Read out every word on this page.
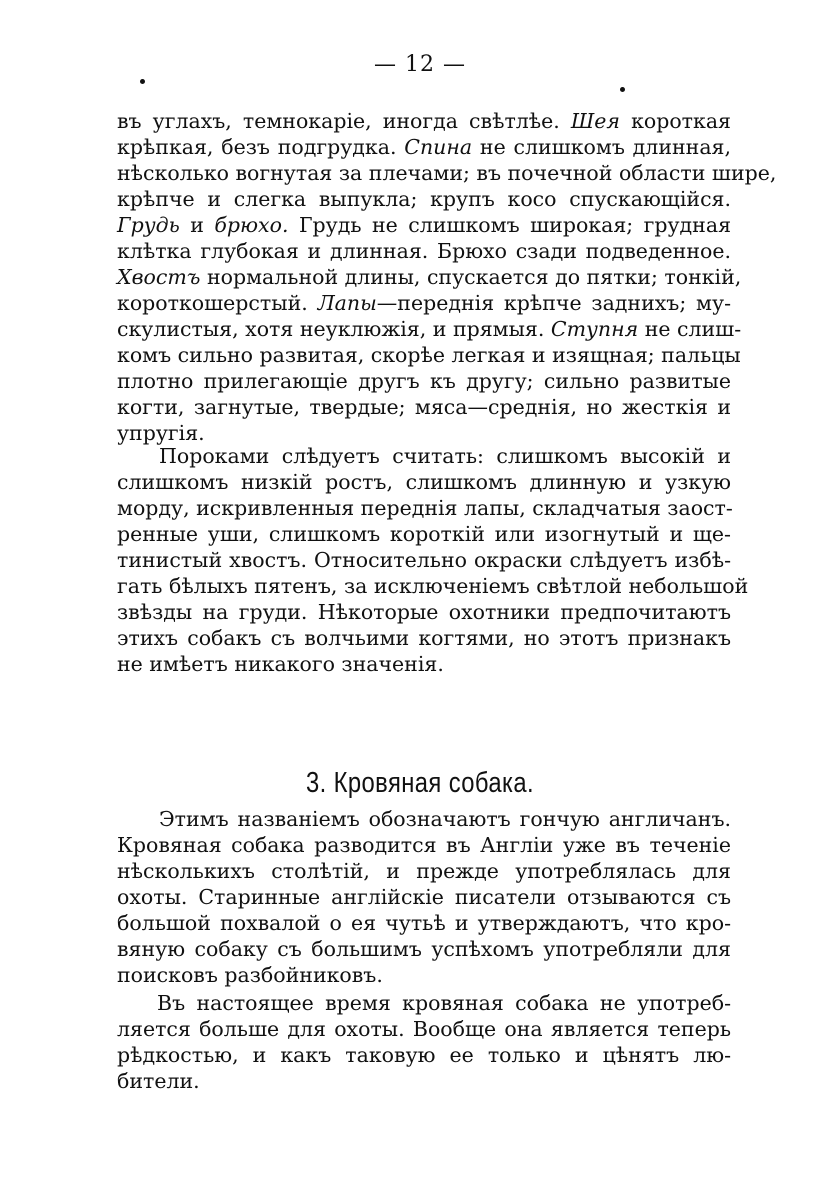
— 12 —
въ углахъ, темнокаріе, иногда свѣтлѣе. Шея короткая
крѣпкая, безъ подгрудка. Спина не слишкомъ длинная,
нѣсколько вогнутая за плечами; въ почечной области шире,
крѣпче и слегка выпукла; крупъ косо спускающійся.
Грудь и брюхо. Грудь не слишкомъ широкая; грудная
клѣтка глубокая и длинная. Брюхо сзади подведенное.
Хвостъ нормальной длины, спускается до пятки; тонкій,
короткошерстый. Лапы—переднія крѣпче заднихъ; му-
скулистыя, хотя неуклюжія, и прямыя. Ступня не слиш-
комъ сильно развитая, скорѣе легкая и изящная; пальцы
плотно прилегающіе другъ къ другу; сильно развитые
когти, загнутые, твердые; мяса—среднія, но жесткія и
упругія.
Пороками слѣдуетъ считать: слишкомъ высокій и
слишкомъ низкій ростъ, слишкомъ длинную и узкую
морду, искривленныя переднія лапы, складчатыя заост-
ренные уши, слишкомъ короткій или изогнутый и ще-
тинистый хвостъ. Относительно окраски слѣдуетъ избѣ-
гать бѣлыхъ пятенъ, за исключеніемъ свѣтлой небольшой
звѣзды на груди. Нѣкоторые охотники предпочитаютъ
этихъ собакъ съ волчьими когтями, но этотъ признакъ
не имѣетъ никакого значенія.
3. Кровяная собака.
Этимъ названіемъ обозначаютъ гончую англичанъ.
Кровяная собака разводится въ Англіи уже въ теченіе
нѣсколькихъ столѣтій, и прежде употреблялась для
охоты. Старинные англійскіе писатели отзываются съ
большой похвалой о ея чутьѣ и утверждаютъ, что кро-
вяную собаку съ большимъ успѣхомъ употребляли для
поисковъ разбойниковъ.
Въ настоящее время кровяная собака не употреб-
ляется больше для охоты. Вообще она является теперь
рѣдкостью, и какъ таковую ее только и цѣнятъ лю-
бители.
